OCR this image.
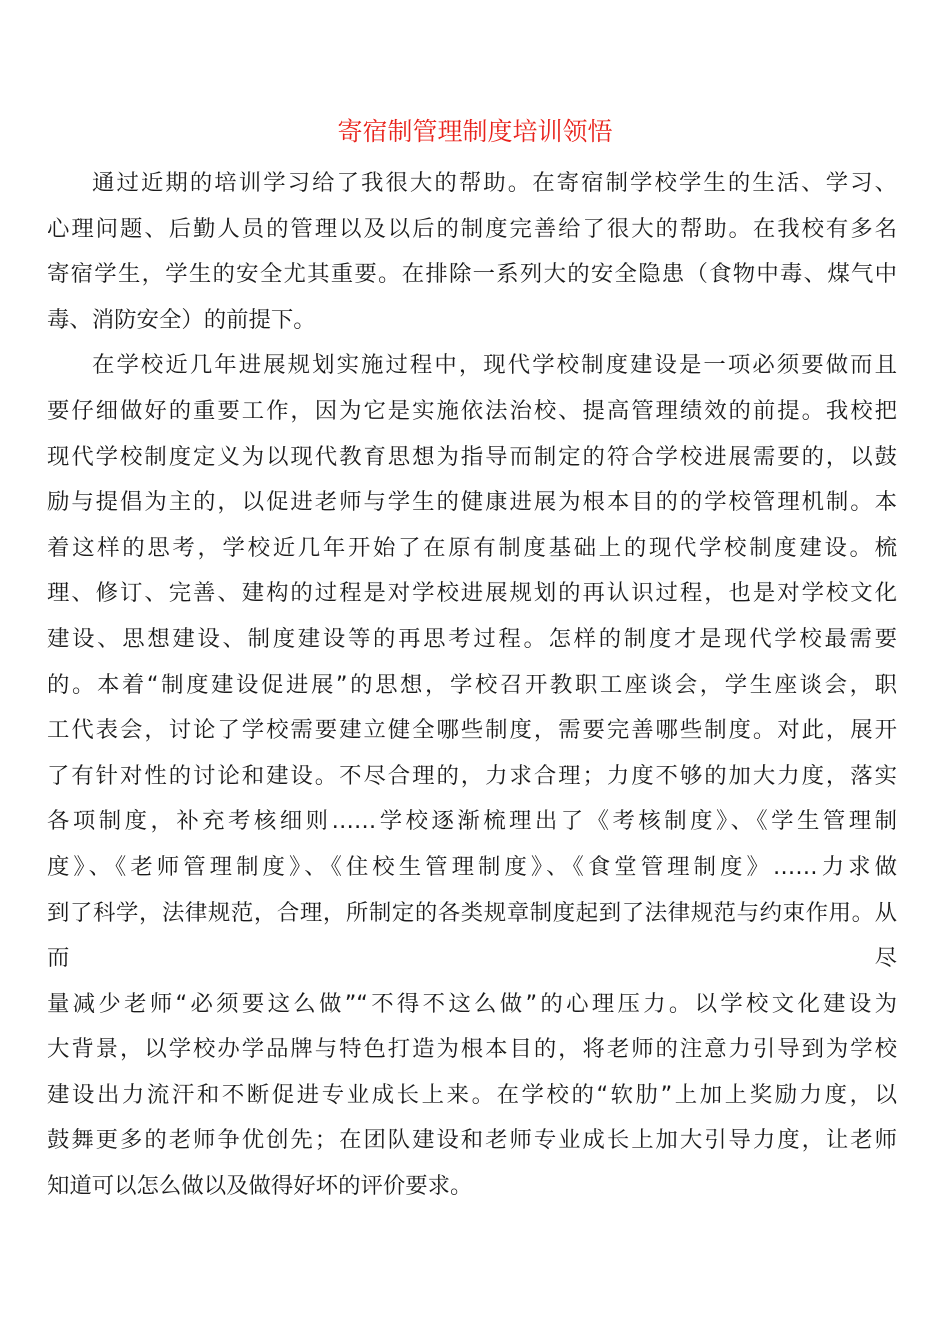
寄宿制管理制度培训领悟
通过近期的培训学习给了我很大的帮助。在寄宿制学校学生的生活、学习、
心理问题、后勤人员的管理以及以后的制度完善给了很大的帮助。在我校有多名
寄宿学生，学生的安全尤其重要。在排除一系列大的安全隐患（食物中毒、煤气中
毒、消防安全）的前提下。
在学校近几年进展规划实施过程中，现代学校制度建设是一项必须要做而且
要仔细做好的重要工作，因为它是实施依法治校、提高管理绩效的前提。我校把
现代学校制度定义为以现代教育思想为指导而制定的符合学校进展需要的，以鼓
励与提倡为主的，以促进老师与学生的健康进展为根本目的的学校管理机制。本
着这样的思考，学校近几年开始了在原有制度基础上的现代学校制度建设。梳
理、修订、完善、建构的过程是对学校进展规划的再认识过程，也是对学校文化
建设、思想建设、制度建设等的再思考过程。怎样的制度才是现代学校最需要
的。本着“制度建设促进展”的思想，学校召开教职工座谈会，学生座谈会，职
工代表会，讨论了学校需要建立健全哪些制度，需要完善哪些制度。对此，展开
了有针对性的讨论和建设。不尽合理的，力求合理；力度不够的加大力度，落实
各项制度，补充考核细则……学校逐渐梳理出了《考核制度》、《学生管理制
度》、《老师管理制度》、《住校生管理制度》、《食堂管理制度》……力求做
到了科学，法律规范，合理，所制定的各类规章制度起到了法律规范与约束作用。从
而　尽
量减少老师“必须要这么做”“不得不这么做”的心理压力。以学校文化建设为
大背景，以学校办学品牌与特色打造为根本目的，将老师的注意力引导到为学校
建设出力流汗和不断促进专业成长上来。在学校的“软肋”上加上奖励力度，以
鼓舞更多的老师争优创先；在团队建设和老师专业成长上加大引导力度，让老师
知道可以怎么做以及做得好坏的评价要求。
